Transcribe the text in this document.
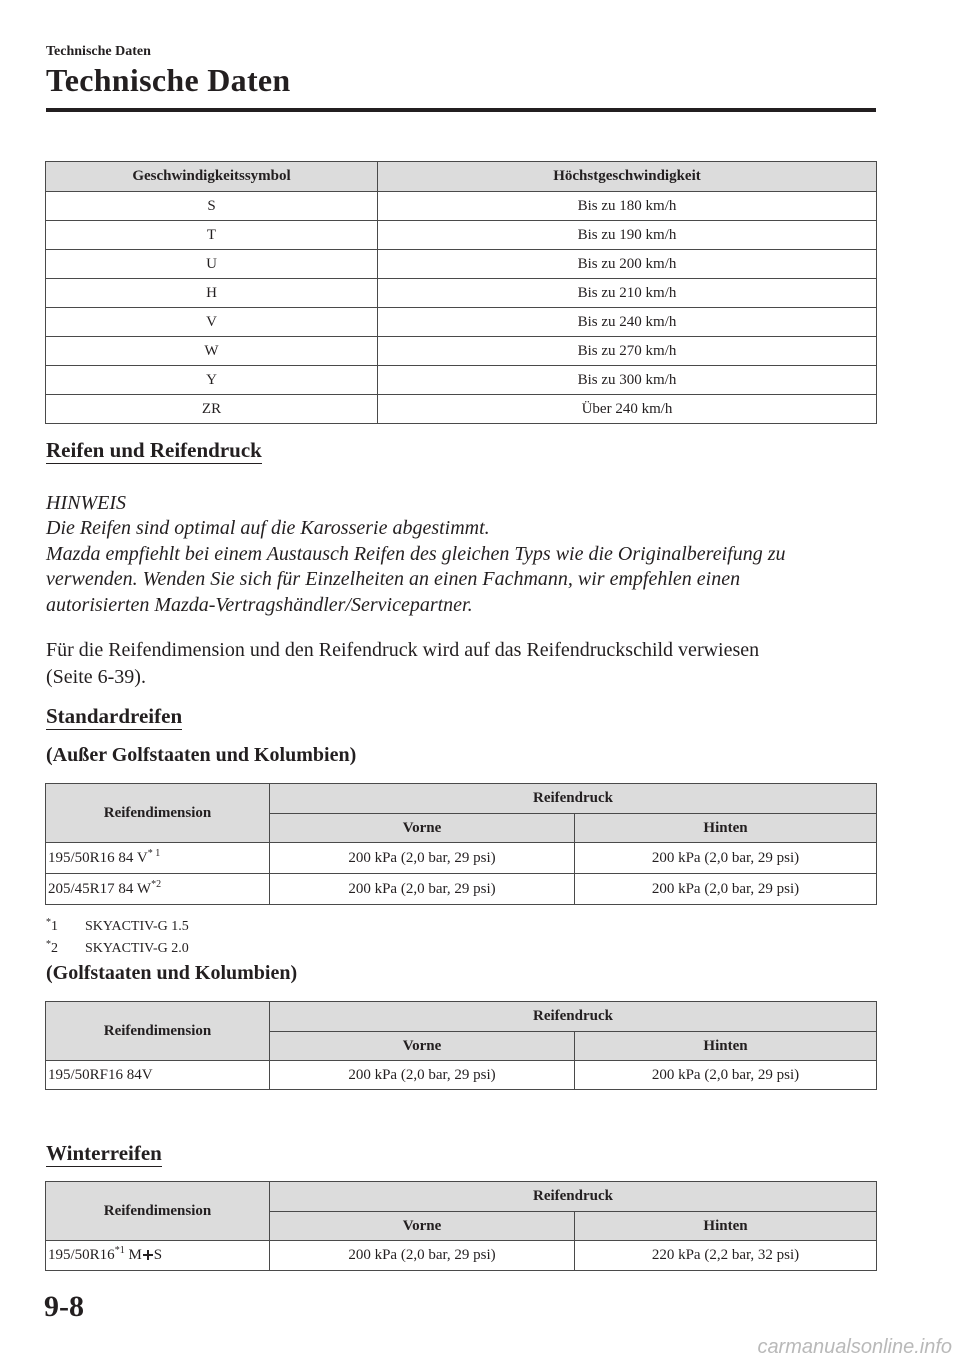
Technische Daten
Technische Daten
Geschwindigkeitssymbol	Höchstgeschwindigkeit
S	Bis zu 180 km/h
T	Bis zu 190 km/h
U	Bis zu 200 km/h
H	Bis zu 210 km/h
V	Bis zu 240 km/h
W	Bis zu 270 km/h
Y	Bis zu 300 km/h
ZR	Über 240 km/h
Reifen und Reifendruck
HINWEIS
Die Reifen sind optimal auf die Karosserie abgestimmt.
Mazda empfiehlt bei einem Austausch Reifen des gleichen Typs wie die Originalbereifung zu
verwenden. Wenden Sie sich für Einzelheiten an einen Fachmann, wir empfehlen einen
autorisierten Mazda-Vertragshändler/Servicepartner.
Für die Reifendimension und den Reifendruck wird auf das Reifendruckschild verwiesen
(Seite 6-39).
Standardreifen
(Außer Golfstaaten und Kolumbien)
Reifendimension	Reifendruck	
	Vorne	Hinten
195/50R16 84 $V^{* 1}$	200 kPa (2,0 bar, 29 psi)	200 kPa (2,0 bar, 29 psi)
205/45R17 84 $W^{*2}$	200 kPa (2,0 bar, 29 psi)	200 kPa (2,0 bar, 29 psi)
*1 SKYACTIV-G 1.5
*2 SKYACTIV-G 2.0
(Golfstaaten und Kolumbien)
Reifendimension	Reifendruck	
	Vorne	Hinten
195/50RF16 84V	200 kPa (2,0 bar, 29 psi)	200 kPa (2,0 bar, 29 psi)
Winterreifen
Reifendimension	Reifendruck	
	Vorne	Hinten
195/50R16$^{*1}$ M S	200 kPa (2,0 bar, 29 psi)	220 kPa (2,2 bar, 32 psi)
9-8
carmanualsonline.info
